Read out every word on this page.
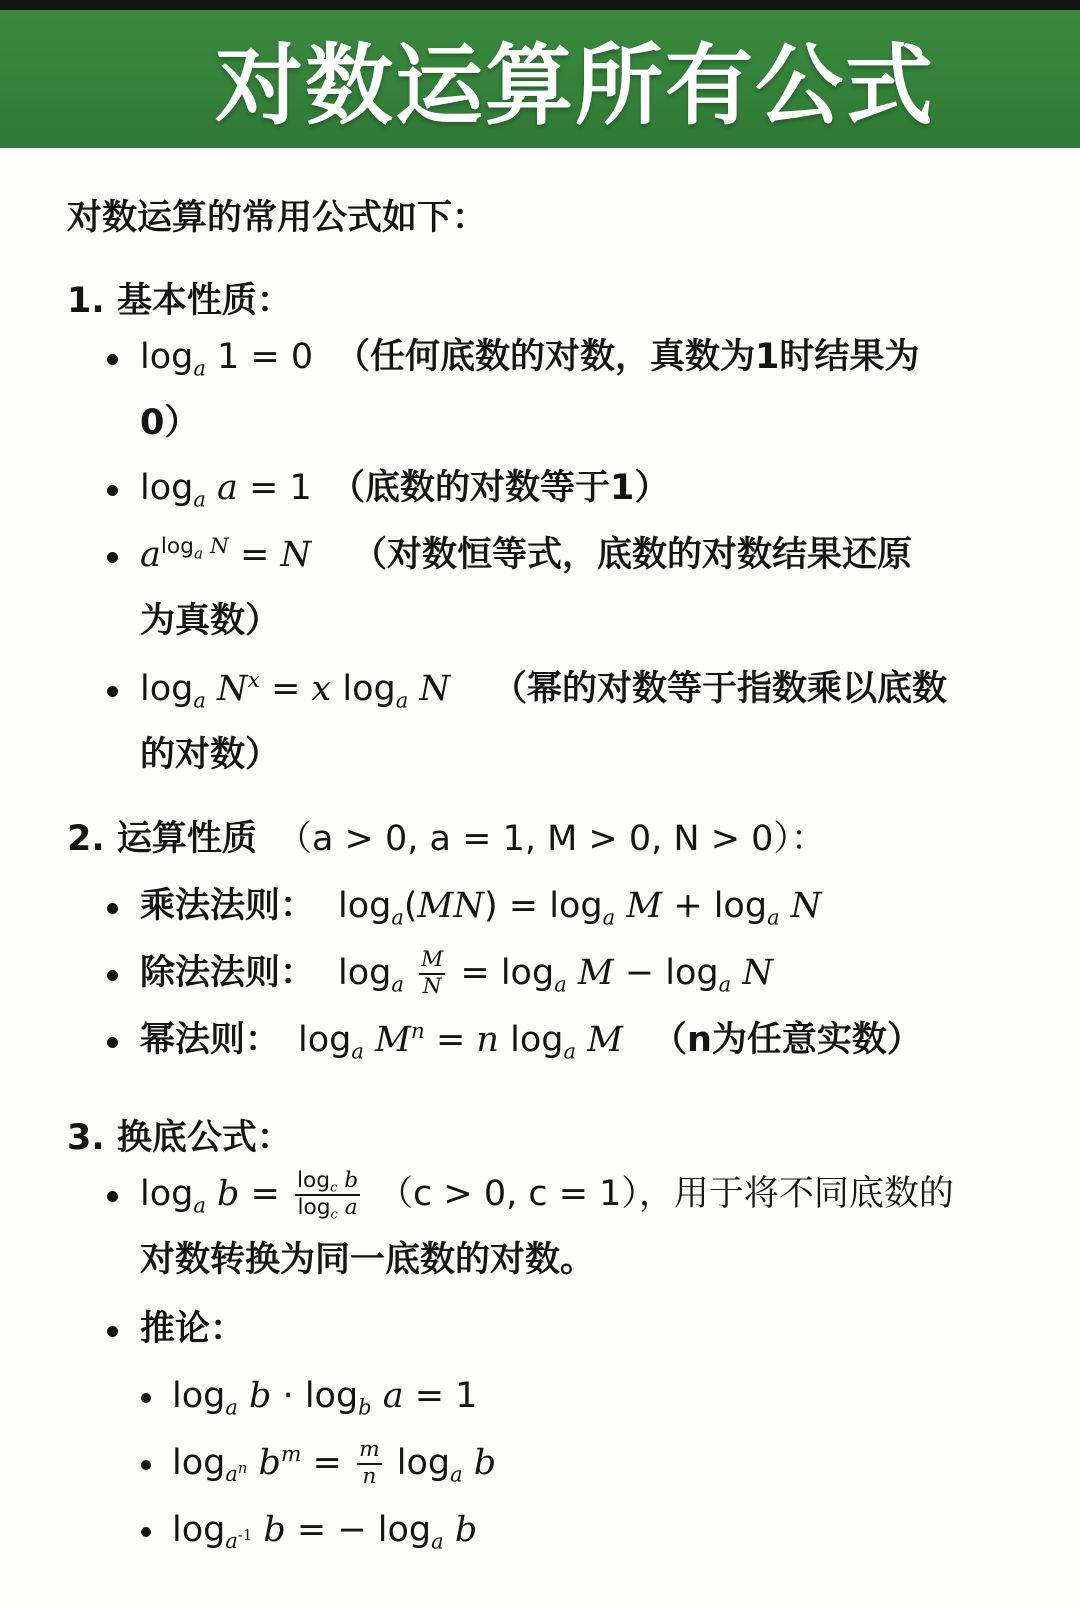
对数运算所有公式
对数运算的常用公式如下：
1. 基本性质：
$\log_a 1 = 0$ （任何底数的对数，真数为1时结果为
0）
$\log_a a = 1$ （底数的对数等于1）
$a^{log_a N} = N$ （对数恒等式，底数的对数结果还原
为真数）
$\log_a N^x = x$ $\log_a N$ （幂的对数等于指数乘以底数
的对数）
2. 运算性质 （a > 0, a = 1, M > 0, N > 0）：
乘法法则： $\log_a(MN) = \log_a M + \log_a N$
除法法则： $\log_a \frac{M}{N} = \log_a M - \log_a N$
幂法则： $\log_a M^n = n$ $\log_a M$ （n为任意实数）
3. 换底公式：
$\log_a b = \frac{\log_c b}{\log_c a} (c > 0$, c = 1），用于将不同底数的
对数转换为同一底数的对数。
推论：
$\log_a b \cdot \log_b a = 1$
$\log_{a^n} b^m = \frac{m}{n} \log_a b$
$\log_{a^{-1}} b$ = − $\log_a b$
